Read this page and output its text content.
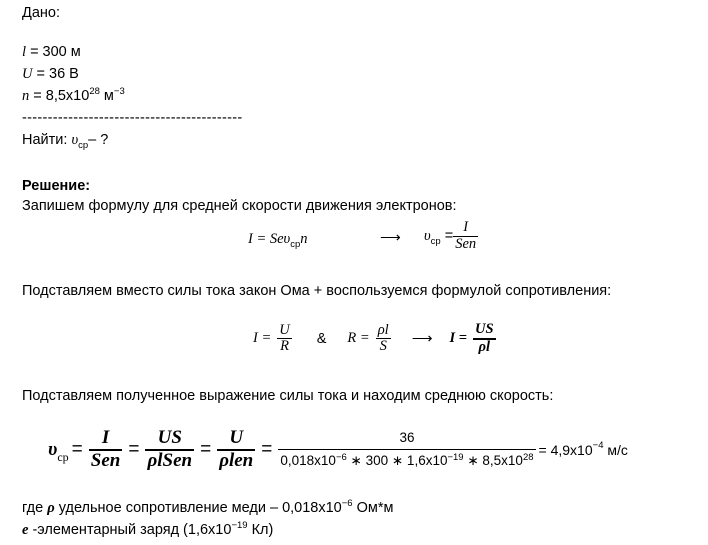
Дано:
l = 300 м
U = 36 В
$n = 8,5х10^{28}$ $м^{-3}$
-------------------------------------------
Найти: $\upsilon_{ср}-$ ?
Решение:
Запишем формулу для средней скорости движения электронов:
I = Seυ$_{ср}$n	⟶ $\upsilon_{ср} = \frac{I}{\text{Sen}}$
Подставляем вместо силы тока закон Ома + воспользуемся формулой сопротивления:
$I = \frac{U}{R}$ & $R = \frac{\rho l}{S}$ ⟶ $I = \frac{US}{\rho l}$
Подставляем полученное выражение силы тока и находим среднюю скорость:
$\upsilon_{ср} = \frac{I}{\text{Sen}} = \frac{US}{\text{ρlSen}} = \frac{U}{\text{ρlen}} = \frac{36}{0,018х10^{-6} ∗ 300 ∗ 1,6х10^{-19} ∗ 8,5х10^{28}} = 4,9х10^{-4}$ м/с
где ρ удельное сопротивление меди – $0,018х10^{-6}$ Ом*м
e -элементарный заряд ($1,6х10^{-19}$ Кл)
